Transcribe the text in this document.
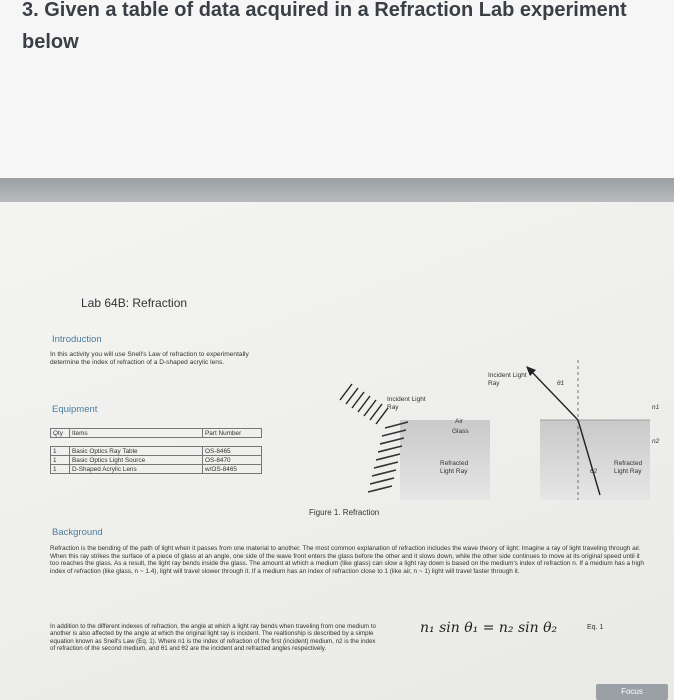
3. Given a table of data acquired in a Refraction Lab experiment below
Lab 64B: Refraction
Introduction
In this activity you will use Snell's Law of refraction to experimentally determine the index of refraction of a D-shaped acrylic lens.
Equipment
Qty	Items	Part Number

1	Basic Optics Ray Table	OS-8465
1	Basic Optics Light Source	OS-8470
1	D-Shaped Acrylic Lens	w/OS-8465
Incident Light Ray
Incident Light Ray
Air
Glass
Refracted Light Ray
Refracted Light Ray
θ1
θ2
n1
n2
Figure 1. Refraction
Background
Refraction is the bending of the path of light when it passes from one material to another. The most common explanation of refraction includes the wave theory of light: Imagine a ray of light traveling through air. When this ray strikes the surface of a piece of glass at an angle, one side of the wave front enters the glass before the other and it slows down, while the other side continues to move at its original speed until it too reaches the glass. As a result, the light ray bends inside the glass. The amount at which a medium (like glass) can slow a light ray down is based on the medium's index of refraction n. If a medium has a high index of refraction (like glass, n ~ 1.4), light will travel slower through it. If a medium has an index of refraction close to 1 (like air, n ~ 1) light will travel faster through it.
In addition to the different indexes of refraction, the angle at which a light ray bends when traveling from one medium to another is also affected by the angle at which the original light ray is incident. The realtionship is described by a simple equation known as Snell's Law (Eq. 1). Where n1 is the index of refraction of the first (incident) medium, n2 is the index of refraction of the second medium, and θ1 and θ2 are the incident and refracted angles respectively.
n₁ sin θ₁ = n₂ sin θ₂	Eq. 1
Focus
